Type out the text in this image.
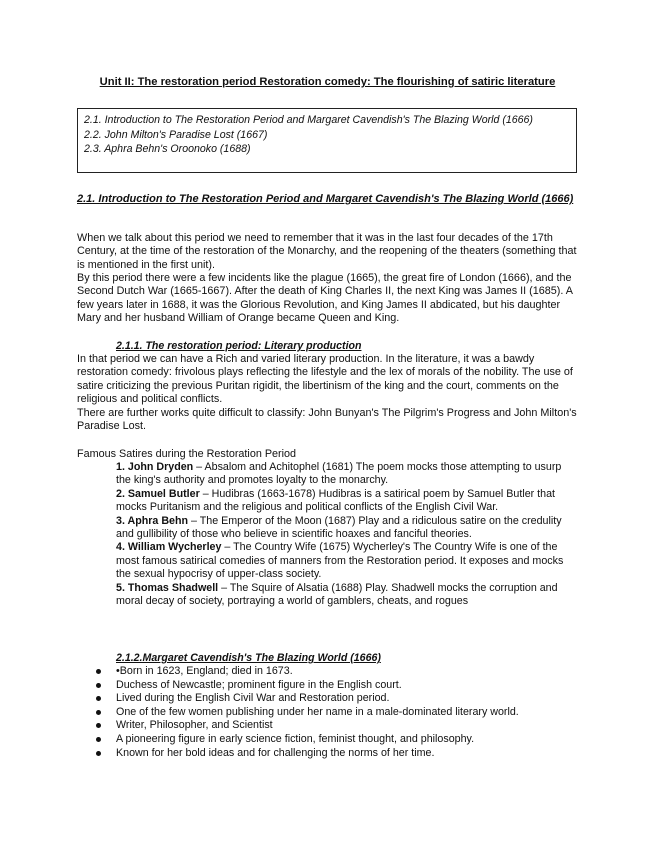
Unit II: The restoration period Restoration comedy: The flourishing of satiric literature
2.1. Introduction to The Restoration Period and Margaret Cavendish's The Blazing World (1666)
2.2. John Milton's Paradise Lost (1667)
2.3. Aphra Behn's Oroonoko (1688)
2.1. Introduction to The Restoration Period and Margaret Cavendish's The Blazing World (1666)

When we talk about this period we need to remember that it was in the last four decades of the 17th Century, at the time of the restoration of the Monarchy, and the reopening of the theaters (something that is mentioned in the first unit).

By this period there were a few incidents like the plague (1665), the great fire of London (1666), and the Second Dutch War (1665-1667). After the death of King Charles II, the next King was James II (1685). A few years later in 1688, it was the Glorious Revolution, and King James II abdicated, but his daughter Mary and her husband William of Orange became Queen and King.

2.1.1. The restoration period: Literary production

In that period we can have a Rich and varied literary production. In the literature, it was a bawdy restoration comedy: frivolous plays reflecting the lifestyle and the lex of morals of the nobility. The use of satire criticizing the previous Puritan rigidit, the libertinism of the king and the court, comments on the religious and political conflicts.

There are further works quite difficult to classify: John Bunyan's The Pilgrim's Progress and John Milton's Paradise Lost.

Famous Satires during the Restoration Period

1. John Dryden – Absalom and Achitophel (1681) The poem mocks those attempting to usurp the king's authority and promotes loyalty to the monarchy.

2. Samuel Butler – Hudibras (1663-1678) Hudibras is a satirical poem by Samuel Butler that mocks Puritanism and the religious and political conflicts of the English Civil War.

3. Aphra Behn – The Emperor of the Moon (1687) Play and a ridiculous satire on the credulity and gullibility of those who believe in scientific hoaxes and fanciful theories.

4. William Wycherley – The Country Wife (1675) Wycherley's The Country Wife is one of the most famous satirical comedies of manners from the Restoration period. It exposes and mocks the sexual hypocrisy of upper-class society.

5. Thomas Shadwell – The Squire of Alsatia (1688) Play. Shadwell mocks the corruption and moral decay of society, portraying a world of gamblers, cheats, and rogues

2.1.2.Margaret Cavendish's The Blazing World (1666)
•Born in 1623, England; died in 1673.
Duchess of Newcastle; prominent figure in the English court.
Lived during the English Civil War and Restoration period.
One of the few women publishing under her name in a male-dominated literary world.
Writer, Philosopher, and Scientist
A pioneering figure in early science fiction, feminist thought, and philosophy.
Known for her bold ideas and for challenging the norms of her time.
